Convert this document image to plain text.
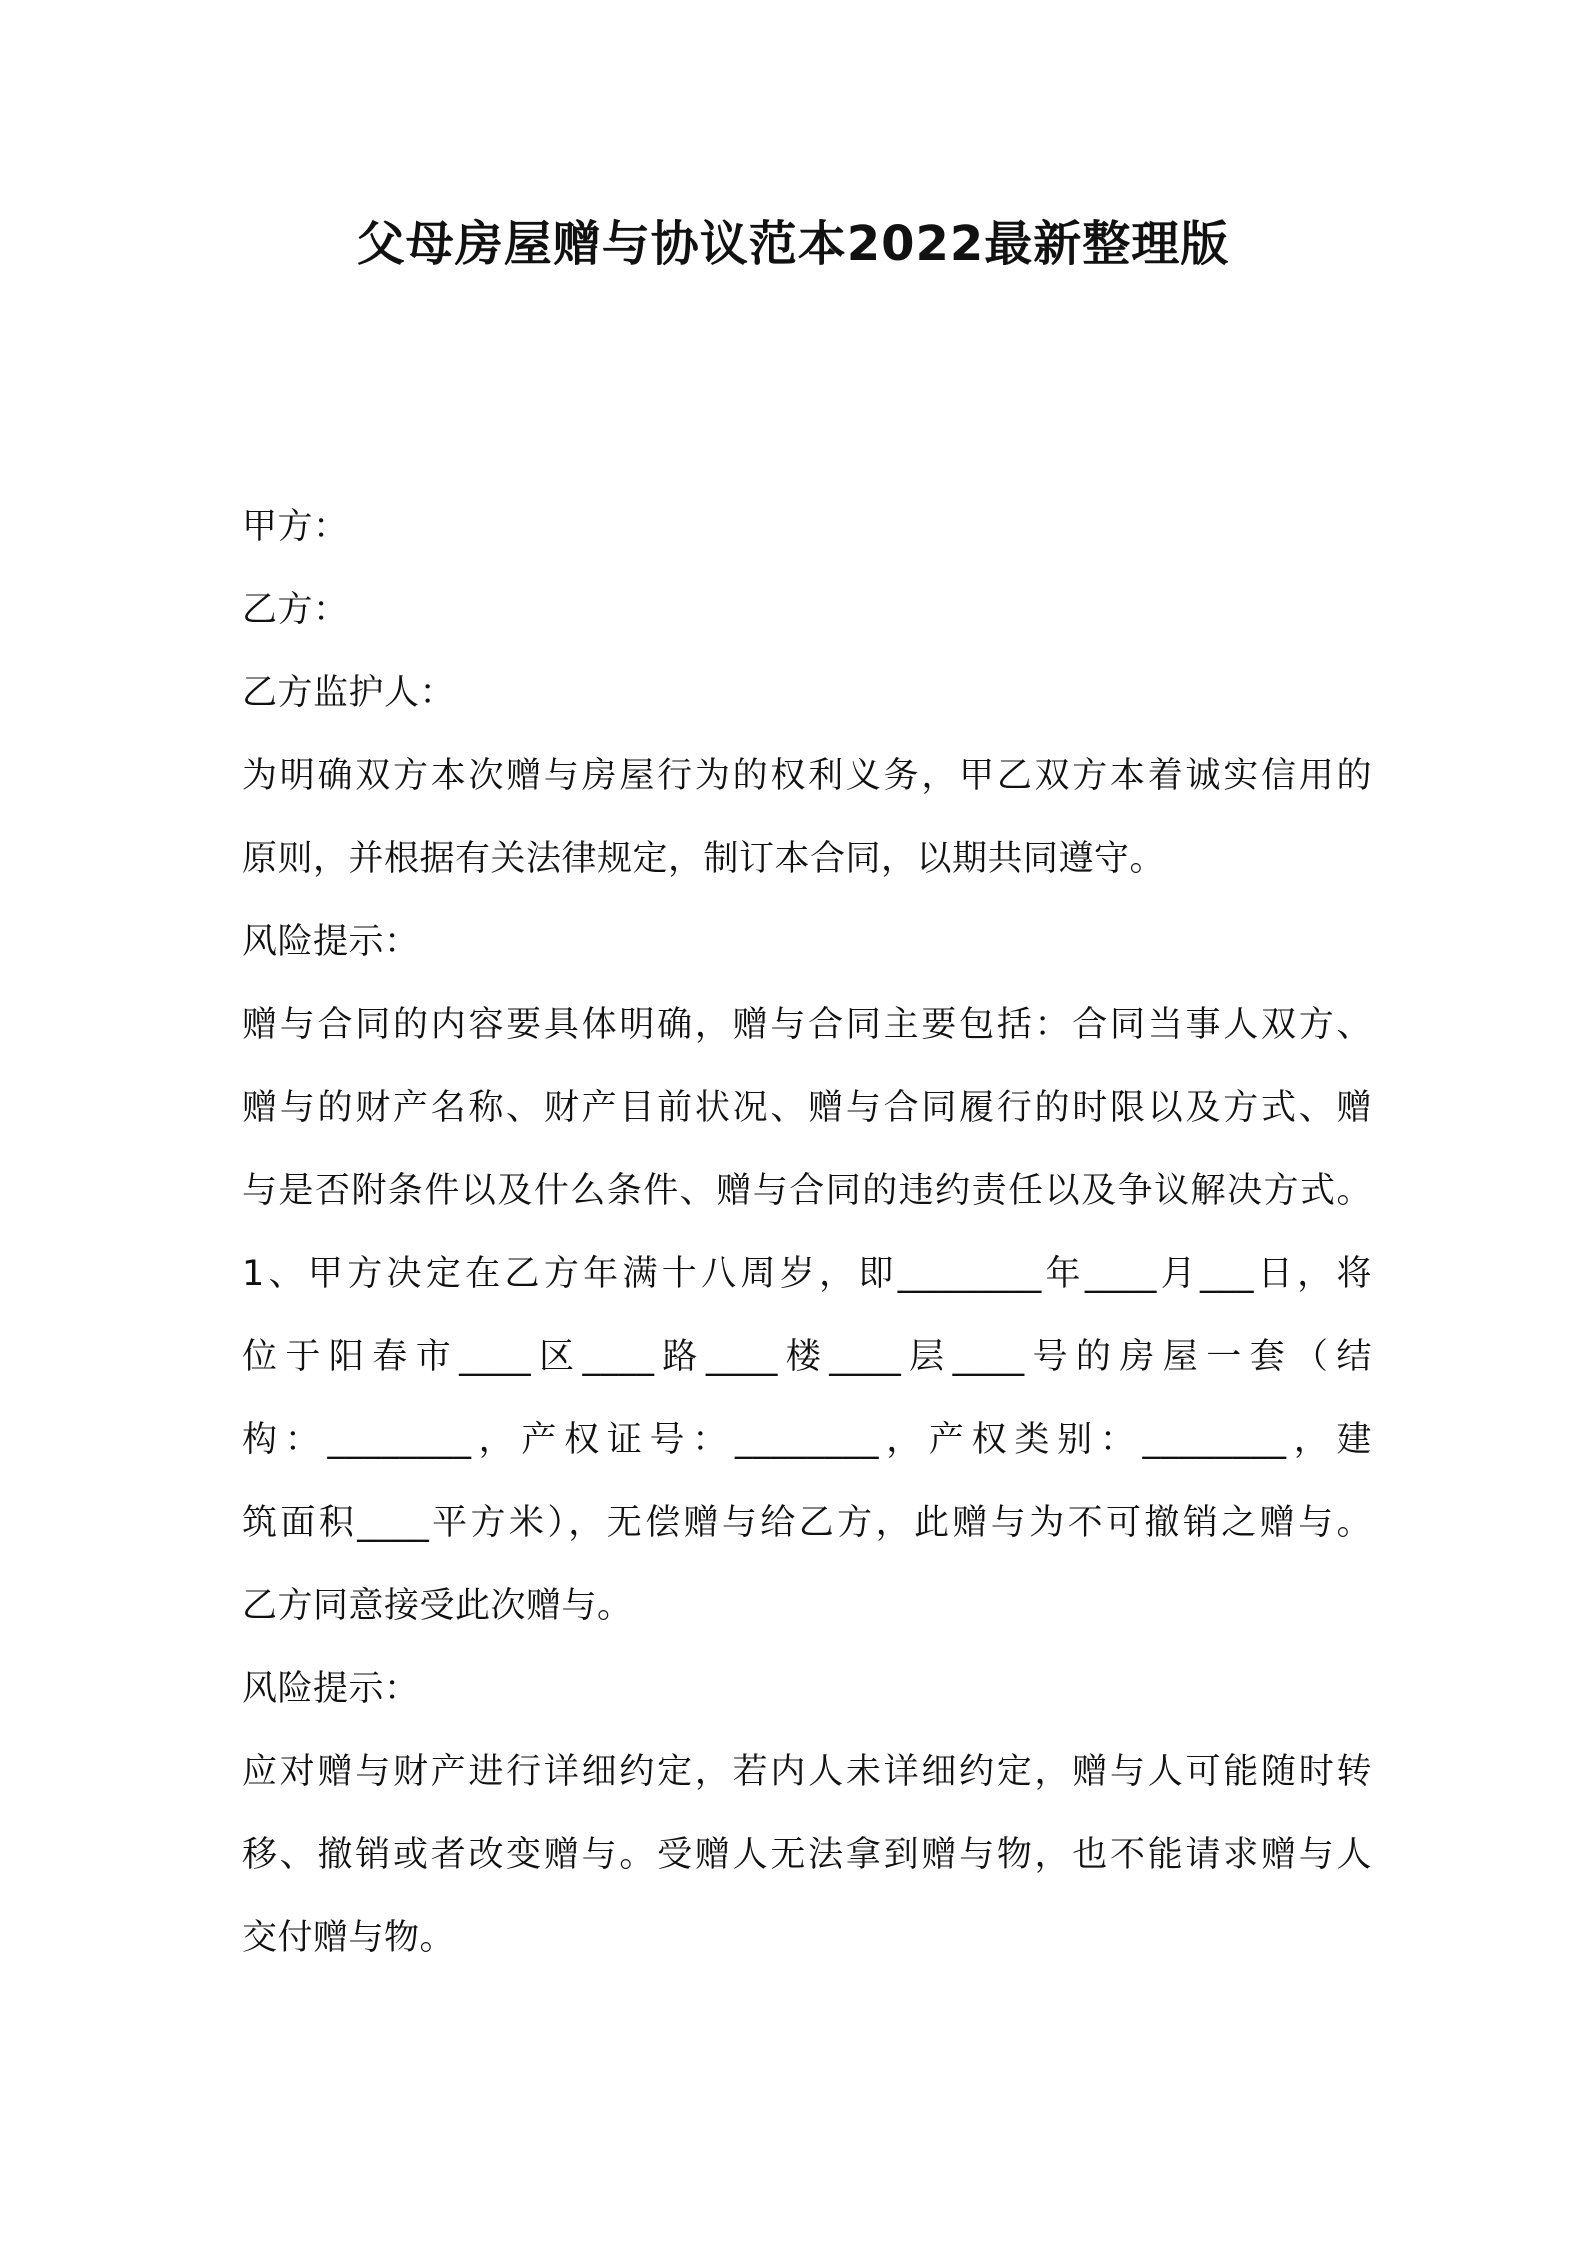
父母房屋赠与协议范本2022最新整理版
甲方：
乙方：
乙方监护人：
为明确双方本次赠与房屋行为的权利义务，甲乙双方本着诚实信用的
原则，并根据有关法律规定，制订本合同，以期共同遵守。
风险提示：
赠与合同的内容要具体明确，赠与合同主要包括：合同当事人双方、
赠与的财产名称、财产目前状况、赠与合同履行的时限以及方式、赠
与是否附条件以及什么条件、赠与合同的违约责任以及争议解决方式。
1、甲方决定在乙方年满十八周岁，即________年____月___日，将
位于阳春市____区____路____楼____层____号的房屋一套（结
构：________，产权证号：________，产权类别：________，建
筑面积____平方米），无偿赠与给乙方，此赠与为不可撤销之赠与。
乙方同意接受此次赠与。
风险提示：
应对赠与财产进行详细约定，若内人未详细约定，赠与人可能随时转
移、撤销或者改变赠与。受赠人无法拿到赠与物，也不能请求赠与人
交付赠与物。
